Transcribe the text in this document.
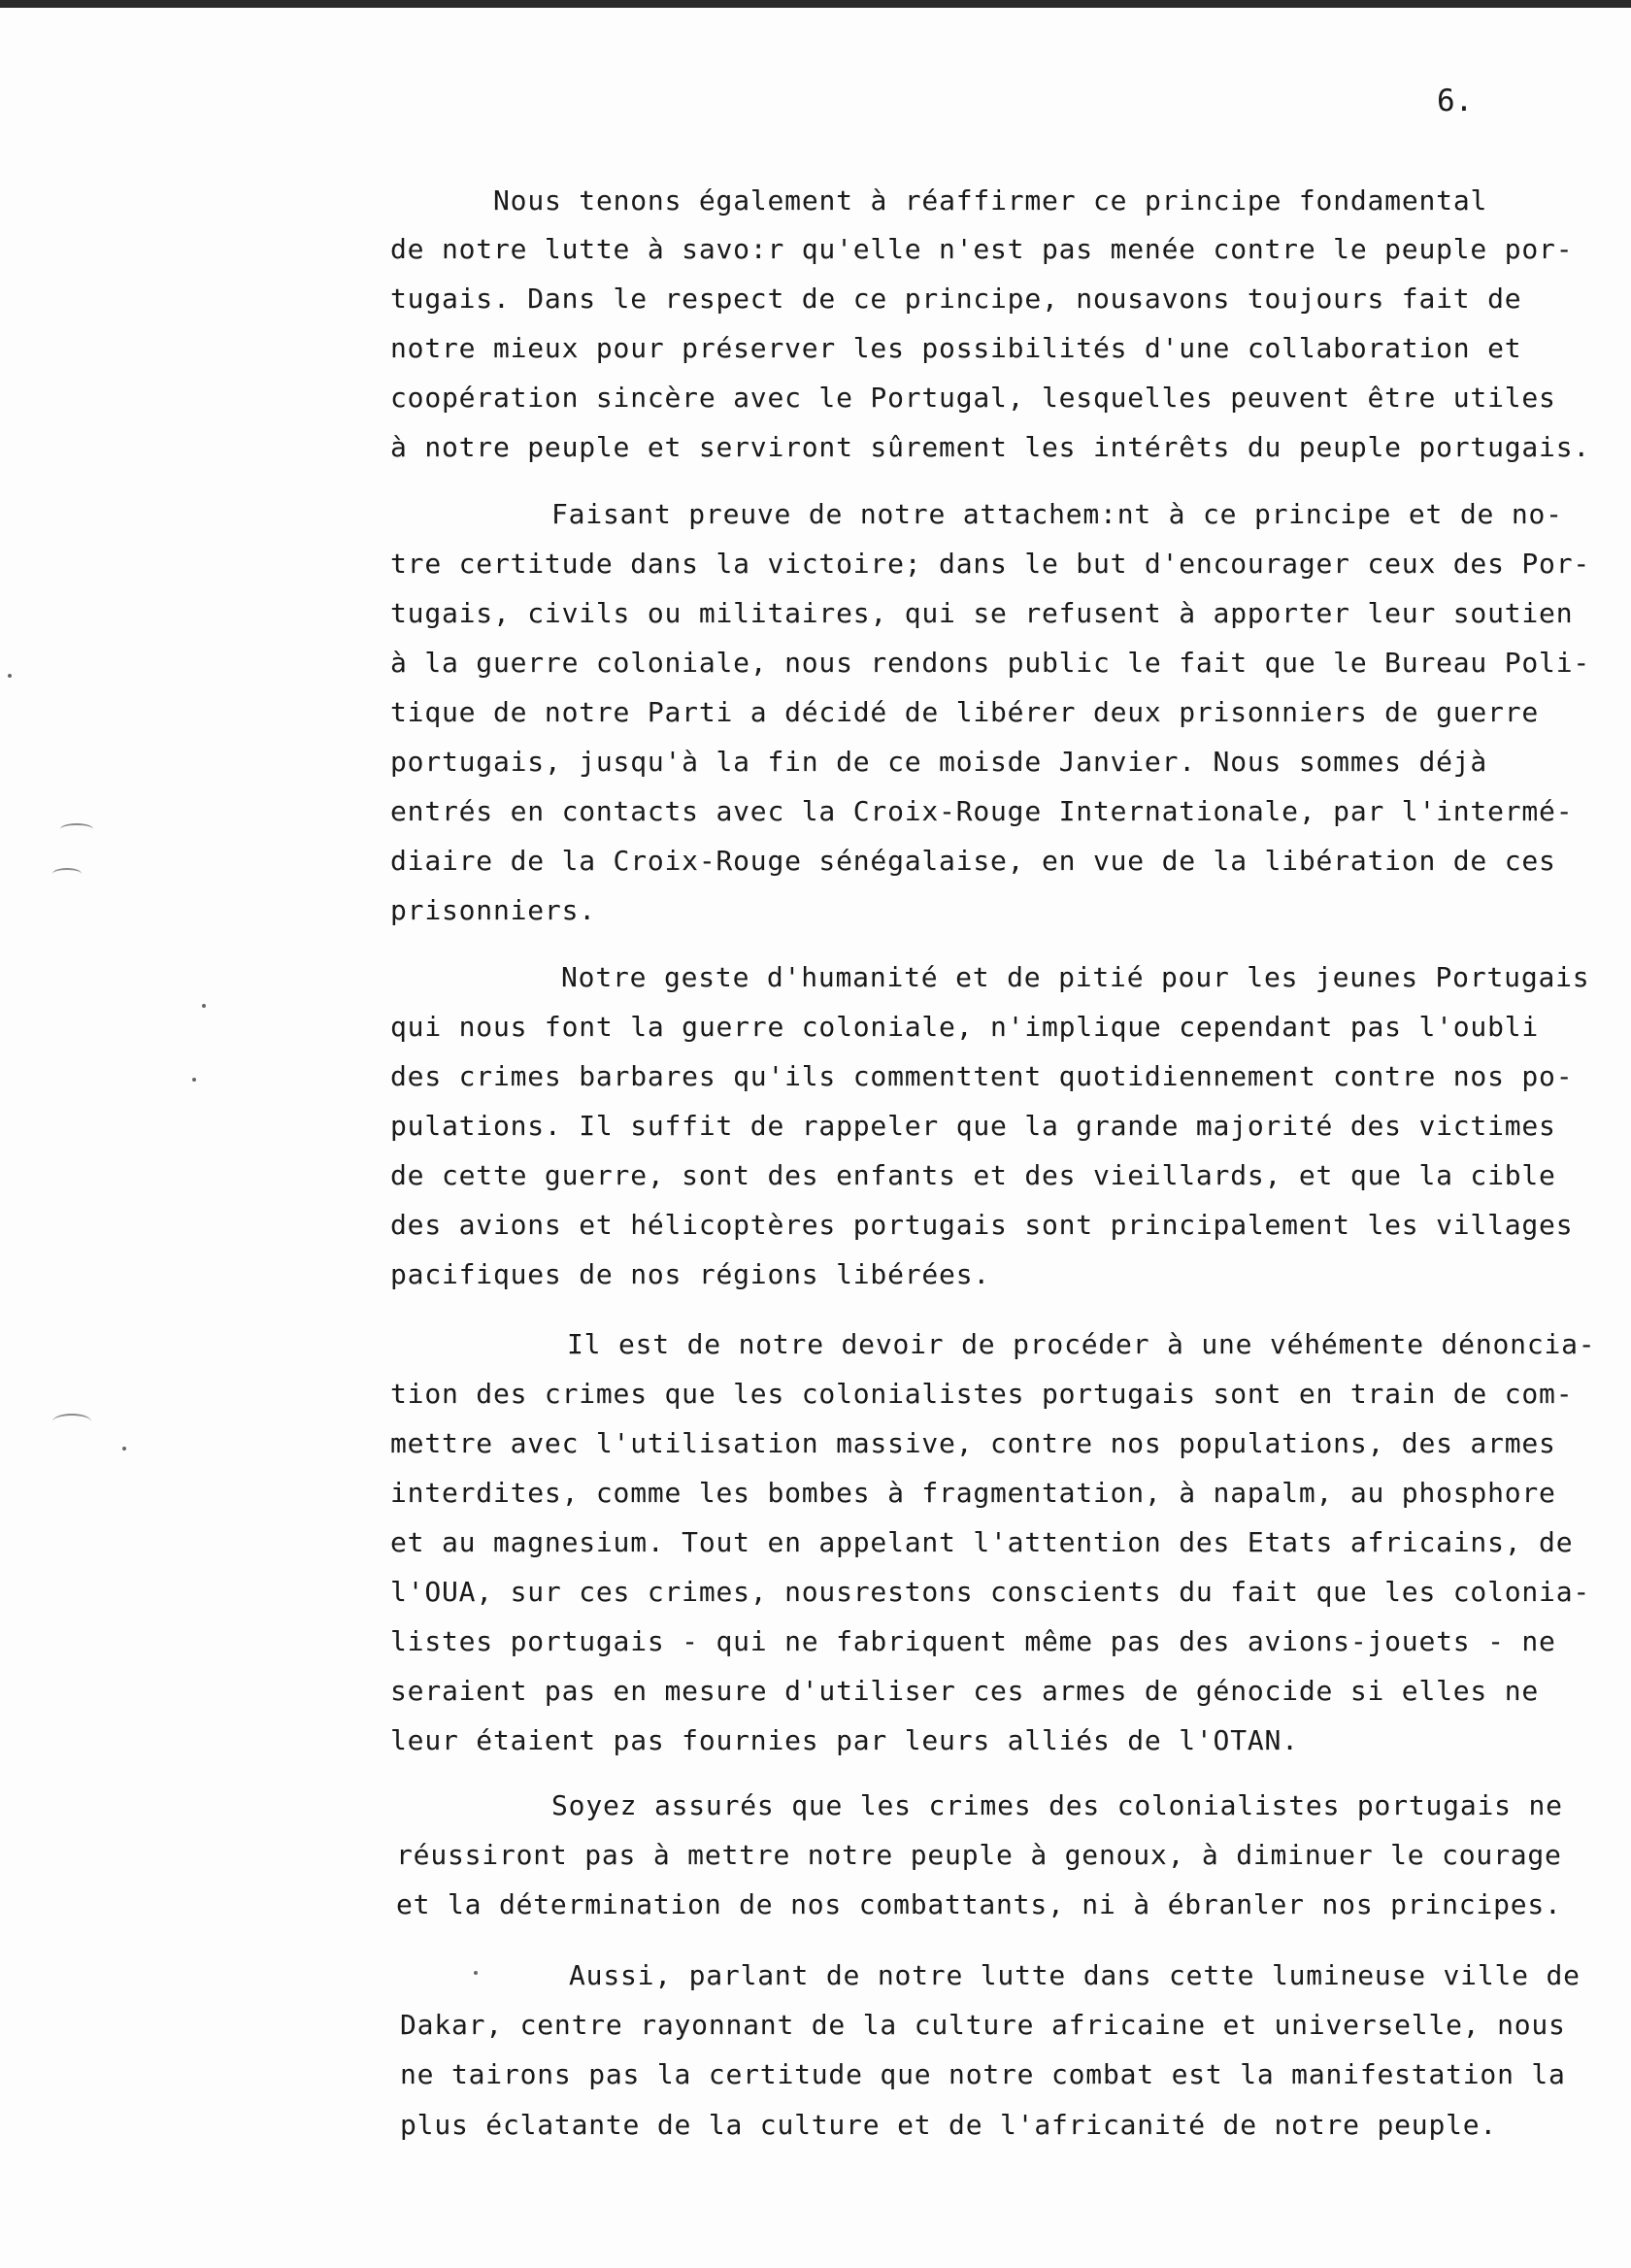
6.
Nous tenons également à réaffirmer ce principe fondamental
de notre lutte à savo:r qu'elle n'est pas menée contre le peuple por-
tugais. Dans le respect de ce principe, nousavons toujours fait de
notre mieux pour préserver les possibilités d'une collaboration et
coopération sincère avec le Portugal, lesquelles peuvent être utiles
à notre peuple et serviront sûrement les intérêts du peuple portugais.
Faisant preuve de notre attachem:nt à ce principe et de no-
tre certitude dans la victoire; dans le but d'encourager ceux des Por-
tugais, civils ou militaires, qui se refusent à apporter leur soutien
à la guerre coloniale, nous rendons public le fait que le Bureau Poli-
tique de notre Parti a décidé de libérer deux prisonniers de guerre
portugais, jusqu'à la fin de ce moisde Janvier. Nous sommes déjà
entrés en contacts avec la Croix-Rouge Internationale, par l'intermé-
diaire de la Croix-Rouge sénégalaise, en vue de la libération de ces
prisonniers.
Notre geste d'humanité et de pitié pour les jeunes Portugais
qui nous font la guerre coloniale, n'implique cependant pas l'oubli
des crimes barbares qu'ils commenttent quotidiennement contre nos po-
pulations. Il suffit de rappeler que la grande majorité des victimes
de cette guerre, sont des enfants et des vieillards, et que la cible
des avions et hélicoptères portugais sont principalement les villages
pacifiques de nos régions libérées.
Il est de notre devoir de procéder à une véhémente dénoncia-
tion des crimes que les colonialistes portugais sont en train de com-
mettre avec l'utilisation massive, contre nos populations, des armes
interdites, comme les bombes à fragmentation, à napalm, au phosphore
et au magnesium. Tout en appelant l'attention des Etats africains, de
l'OUA, sur ces crimes, nousrestons conscients du fait que les colonia-
listes portugais - qui ne fabriquent même pas des avions-jouets - ne
seraient pas en mesure d'utiliser ces armes de génocide si elles ne
leur étaient pas fournies par leurs alliés de l'OTAN.
Soyez assurés que les crimes des colonialistes portugais ne
réussiront pas à mettre notre peuple à genoux, à diminuer le courage
et la détermination de nos combattants, ni à ébranler nos principes.
Aussi, parlant de notre lutte dans cette lumineuse ville de
Dakar, centre rayonnant de la culture africaine et universelle, nous
ne tairons pas la certitude que notre combat est la manifestation la
plus éclatante de la culture et de l'africanité de notre peuple.
